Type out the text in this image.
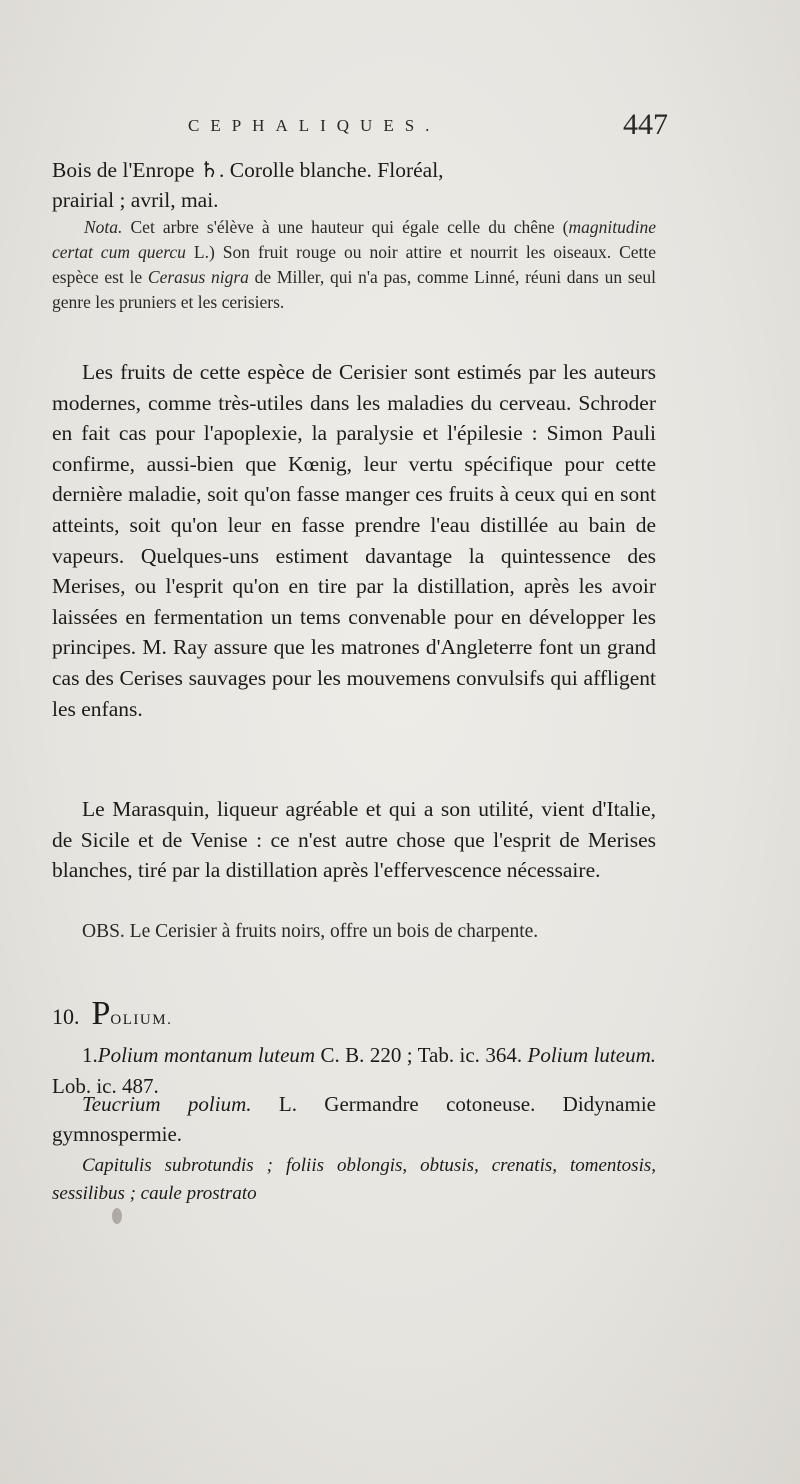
CEPHALIQUES.	447
Bois de l'Enrope ♄. Corolle blanche. Floréal,
prairial ; avril, mai.
Nota. Cet arbre s'élève à une hauteur qui égale celle du chêne (magnitudine certat cum quercu L.) Son fruit rouge ou noir attire et nourrit les oiseaux. Cette espèce est le Cerasus nigra de Miller, qui n'a pas, comme Linné, réuni dans un seul genre les pruniers et les cerisiers.
Les fruits de cette espèce de Cerisier sont estimés par les auteurs modernes, comme très-utiles dans les maladies du cerveau. Schroder en fait cas pour l'apoplexie, la paralysie et l'épilesie : Simon Pauli confirme, aussi-bien que Kœnig, leur vertu spécifique pour cette dernière maladie, soit qu'on fasse manger ces fruits à ceux qui en sont atteints, soit qu'on leur en fasse prendre l'eau distillée au bain de vapeurs. Quelques-uns estiment davantage la quintessence des Merises, ou l'esprit qu'on en tire par la distillation, après les avoir laissées en fermentation un tems convenable pour en développer les principes. M. Ray assure que les matrones d'Angleterre font un grand cas des Cerises sauvages pour les mouvemens convulsifs qui affligent les enfans.
Le Marasquin, liqueur agréable et qui a son utilité, vient d'Italie, de Sicile et de Venise : ce n'est autre chose que l'esprit de Merises blanches, tiré par la distillation après l'effervescence nécessaire.
OBS. Le Cerisier à fruits noirs, offre un bois de charpente.
10. POLIUM.
1.Polium montanum luteum C. B. 220 ; Tab. ic. 364. Polium luteum. Lob. ic. 487.
Teucrium polium. L. Germandre cotoneuse. Didynamie gymnospermie.
Capitulis subrotundis ; foliis oblongis, obtusis, crenatis, tomentosis, sessilibus ; caule prostrato
